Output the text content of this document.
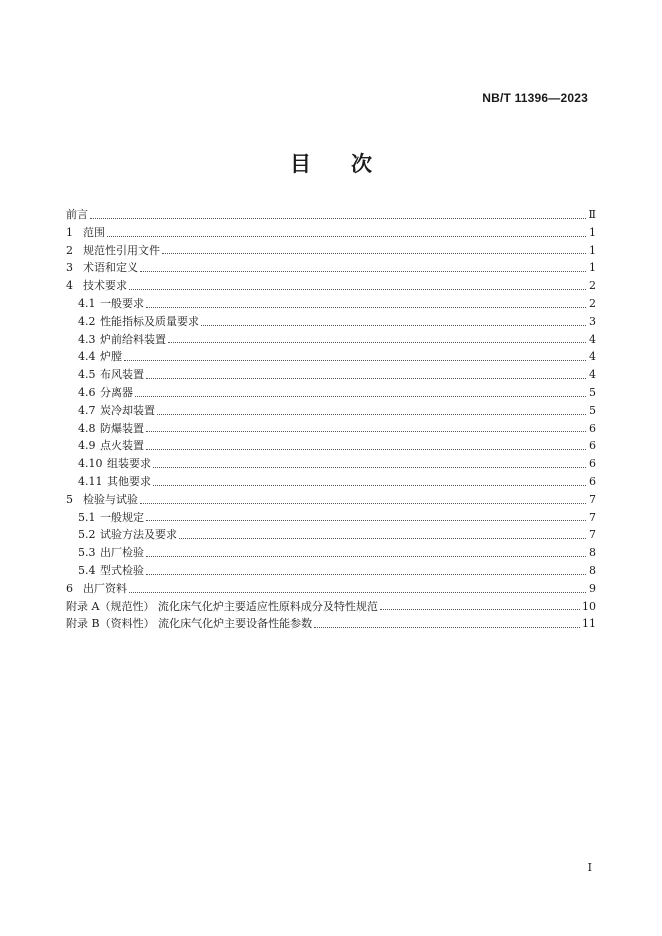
NB/T 11396—2023
目次
前言	Ⅱ
1 范围	1
2 规范性引用文件	1
3 术语和定义	1
4 技术要求	2
4.1 一般要求	2
4.2 性能指标及质量要求	3
4.3 炉前给料装置	4
4.4 炉膛	4
4.5 布风装置	4
4.6 分离器	5
4.7 炭冷却装置	5
4.8 防爆装置	6
4.9 点火装置	6
4.10 组装要求	6
4.11 其他要求	6
5 检验与试验	7
5.1 一般规定	7
5.2 试验方法及要求	7
5.3 出厂检验	8
5.4 型式检验	8
6 出厂资料	9
附录 A（规范性） 流化床气化炉主要适应性原料成分及特性规范	10
附录 B（资料性） 流化床气化炉主要设备性能参数	11
I
